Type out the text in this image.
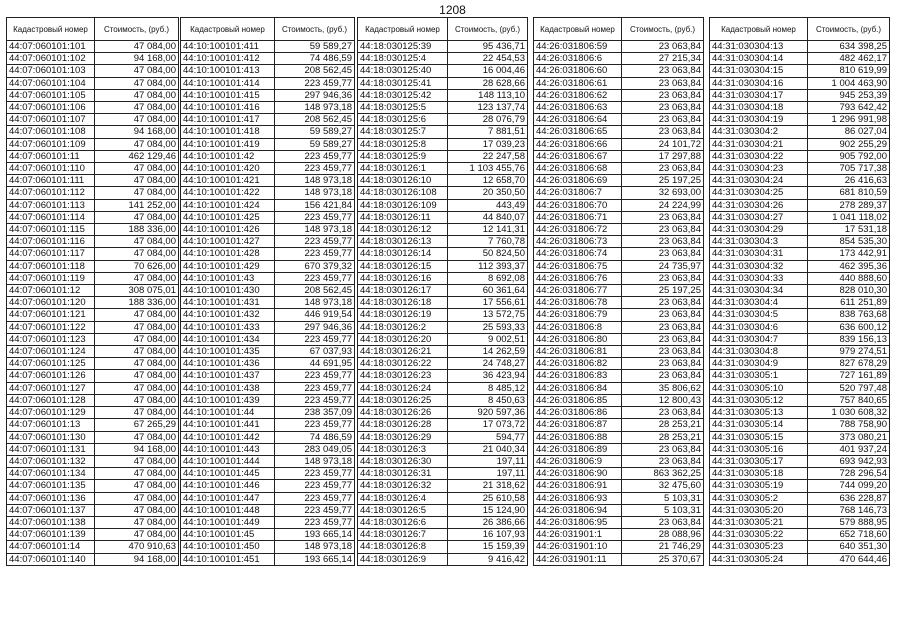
1208
Кадастровый номер	Стоимость, (руб.)
44:07:060101:101	47 084,00
44:07:060101:102	94 168,00
44:07:060101:103	47 084,00
44:07:060101:104	47 084,00
44:07:060101:105	47 084,00
44:07:060101:106	47 084,00
44:07:060101:107	47 084,00
44:07:060101:108	94 168,00
44:07:060101:109	47 084,00
44:07:060101:11	462 129,46
44:07:060101:110	47 084,00
44:07:060101:111	47 084,00
44:07:060101:112	47 084,00
44:07:060101:113	141 252,00
44:07:060101:114	47 084,00
44:07:060101:115	188 336,00
44:07:060101:116	47 084,00
44:07:060101:117	47 084,00
44:07:060101:118	70 626,00
44:07:060101:119	47 084,00
44:07:060101:12	308 075,01
44:07:060101:120	188 336,00
44:07:060101:121	47 084,00
44:07:060101:122	47 084,00
44:07:060101:123	47 084,00
44:07:060101:124	47 084,00
44:07:060101:125	47 084,00
44:07:060101:126	47 084,00
44:07:060101:127	47 084,00
44:07:060101:128	47 084,00
44:07:060101:129	47 084,00
44:07:060101:13	67 265,29
44:07:060101:130	47 084,00
44:07:060101:131	94 168,00
44:07:060101:132	47 084,00
44:07:060101:134	47 084,00
44:07:060101:135	47 084,00
44:07:060101:136	47 084,00
44:07:060101:137	47 084,00
44:07:060101:138	47 084,00
44:07:060101:139	47 084,00
44:07:060101:14	470 910,63
44:07:060101:140	94 168,00
Кадастровый номер	Стоимость, (руб.)
44:10:100101:411	59 589,27
44:10:100101:412	74 486,59
44:10:100101:413	208 562,45
44:10:100101:414	223 459,77
44:10:100101:415	297 946,36
44:10:100101:416	148 973,18
44:10:100101:417	208 562,45
44:10:100101:418	59 589,27
44:10:100101:419	59 589,27
44:10:100101:42	223 459,77
44:10:100101:420	223 459,77
44:10:100101:421	148 973,18
44:10:100101:422	148 973,18
44:10:100101:424	156 421,84
44:10:100101:425	223 459,77
44:10:100101:426	148 973,18
44:10:100101:427	223 459,77
44:10:100101:428	223 459,77
44:10:100101:429	670 379,32
44:10:100101:43	223 459,77
44:10:100101:430	208 562,45
44:10:100101:431	148 973,18
44:10:100101:432	446 919,54
44:10:100101:433	297 946,36
44:10:100101:434	223 459,77
44:10:100101:435	67 037,93
44:10:100101:436	44 691,95
44:10:100101:437	223 459,77
44:10:100101:438	223 459,77
44:10:100101:439	223 459,77
44:10:100101:44	238 357,09
44:10:100101:441	223 459,77
44:10:100101:442	74 486,59
44:10:100101:443	283 049,05
44:10:100101:444	148 973,18
44:10:100101:445	223 459,77
44:10:100101:446	223 459,77
44:10:100101:447	223 459,77
44:10:100101:448	223 459,77
44:10:100101:449	223 459,77
44:10:100101:45	193 665,14
44:10:100101:450	148 973,18
44:10:100101:451	193 665,14
Кадастровый номер	Стоимость, (руб.)
44:18:030125:39	95 436,71
44:18:030125:4	22 454,53
44:18:030125:40	16 004,46
44:18:030125:41	28 628,66
44:18:030125:42	148 113,10
44:18:030125:5	123 137,74
44:18:030125:6	28 076,79
44:18:030125:7	7 881,51
44:18:030125:8	17 039,23
44:18:030125:9	22 247,58
44:18:030126:1	1 103 455,76
44:18:030126:10	12 658,70
44:18:030126:108	20 350,50
44:18:030126:109	443,49
44:18:030126:11	44 840,07
44:18:030126:12	12 141,31
44:18:030126:13	7 760,78
44:18:030126:14	50 824,50
44:18:030126:15	112 393,37
44:18:030126:16	8 692,08
44:18:030126:17	60 361,64
44:18:030126:18	17 556,61
44:18:030126:19	13 572,75
44:18:030126:2	25 593,33
44:18:030126:20	9 002,51
44:18:030126:21	14 262,59
44:18:030126:22	24 748,27
44:18:030126:23	36 423,94
44:18:030126:24	8 485,12
44:18:030126:25	8 450,63
44:18:030126:26	920 597,36
44:18:030126:28	17 073,72
44:18:030126:29	594,77
44:18:030126:3	21 040,34
44:18:030126:30	197,11
44:18:030126:31	197,11
44:18:030126:32	21 318,62
44:18:030126:4	25 610,58
44:18:030126:5	15 124,90
44:18:030126:6	26 386,66
44:18:030126:7	16 107,93
44:18:030126:8	15 159,39
44:18:030126:9	9 416,42
Кадастровый номер	Стоимость, (руб.)
44:26:031806:59	23 063,84
44:26:031806:6	27 215,34
44:26:031806:60	23 063,84
44:26:031806:61	23 063,84
44:26:031806:62	23 063,84
44:26:031806:63	23 063,84
44:26:031806:64	23 063,84
44:26:031806:65	23 063,84
44:26:031806:66	24 101,72
44:26:031806:67	17 297,88
44:26:031806:68	23 063,84
44:26:031806:69	25 197,25
44:26:031806:7	32 693,00
44:26:031806:70	24 224,99
44:26:031806:71	23 063,84
44:26:031806:72	23 063,84
44:26:031806:73	23 063,84
44:26:031806:74	23 063,84
44:26:031806:75	24 735,97
44:26:031806:76	23 063,84
44:26:031806:77	25 197,25
44:26:031806:78	23 063,84
44:26:031806:79	23 063,84
44:26:031806:8	23 063,84
44:26:031806:80	23 063,84
44:26:031806:81	23 063,84
44:26:031806:82	23 063,84
44:26:031806:83	23 063,84
44:26:031806:84	35 806,62
44:26:031806:85	12 800,43
44:26:031806:86	23 063,84
44:26:031806:87	28 253,21
44:26:031806:88	28 253,21
44:26:031806:89	23 063,84
44:26:031806:9	23 063,84
44:26:031806:90	863 362,25
44:26:031806:91	32 475,60
44:26:031806:93	5 103,31
44:26:031806:94	5 103,31
44:26:031806:95	23 063,84
44:26:031901:1	28 088,96
44:26:031901:10	21 746,29
44:26:031901:11	25 370,67
Кадастровый номер	Стоимость, (руб.)
44:31:030304:13	634 398,25
44:31:030304:14	482 462,17
44:31:030304:15	810 619,99
44:31:030304:16	1 004 463,90
44:31:030304:17	945 253,39
44:31:030304:18	793 642,42
44:31:030304:19	1 296 991,98
44:31:030304:2	86 027,04
44:31:030304:21	902 255,29
44:31:030304:22	905 792,00
44:31:030304:23	705 717,38
44:31:030304:24	26 416,63
44:31:030304:25	681 810,59
44:31:030304:26	278 289,37
44:31:030304:27	1 041 118,02
44:31:030304:29	17 531,18
44:31:030304:3	854 535,30
44:31:030304:31	173 442,91
44:31:030304:32	462 395,36
44:31:030304:33	440 888,60
44:31:030304:34	828 010,30
44:31:030304:4	611 251,89
44:31:030304:5	838 763,68
44:31:030304:6	636 600,12
44:31:030304:7	839 156,13
44:31:030304:8	979 274,51
44:31:030304:9	827 678,29
44:31:030305:1	727 161,89
44:31:030305:10	520 797,48
44:31:030305:12	757 840,65
44:31:030305:13	1 030 608,32
44:31:030305:14	788 758,90
44:31:030305:15	373 080,21
44:31:030305:16	401 937,24
44:31:030305:17	693 942,93
44:31:030305:18	728 296,54
44:31:030305:19	744 099,20
44:31:030305:2	636 228,87
44:31:030305:20	768 146,73
44:31:030305:21	579 888,95
44:31:030305:22	652 718,60
44:31:030305:23	640 351,30
44:31:030305:24	470 644,46
